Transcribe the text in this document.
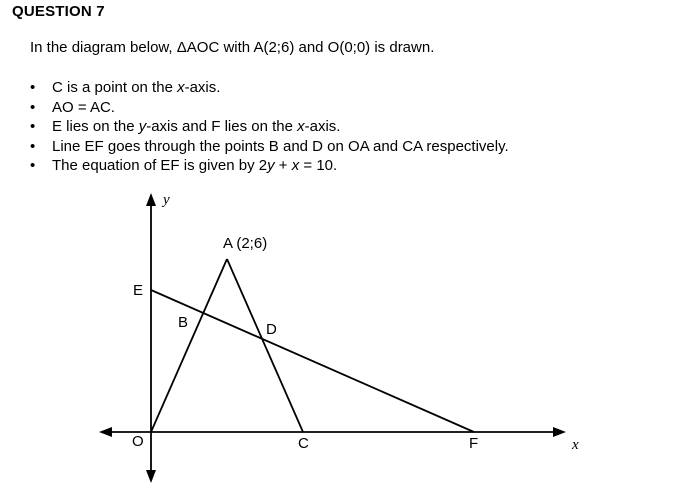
QUESTION 7
In the diagram below, ΔAOC with A(2;6) and O(0;0) is drawn.
• C is a point on the x-axis.
• AO = AC.
• E lies on the y-axis and F lies on the x-axis.
• Line EF goes through the points B and D on OA and CA respectively.
• The equation of EF is given by 2y + x = 10.
y
x
A (2;6)
E
B	D
O	C	F
